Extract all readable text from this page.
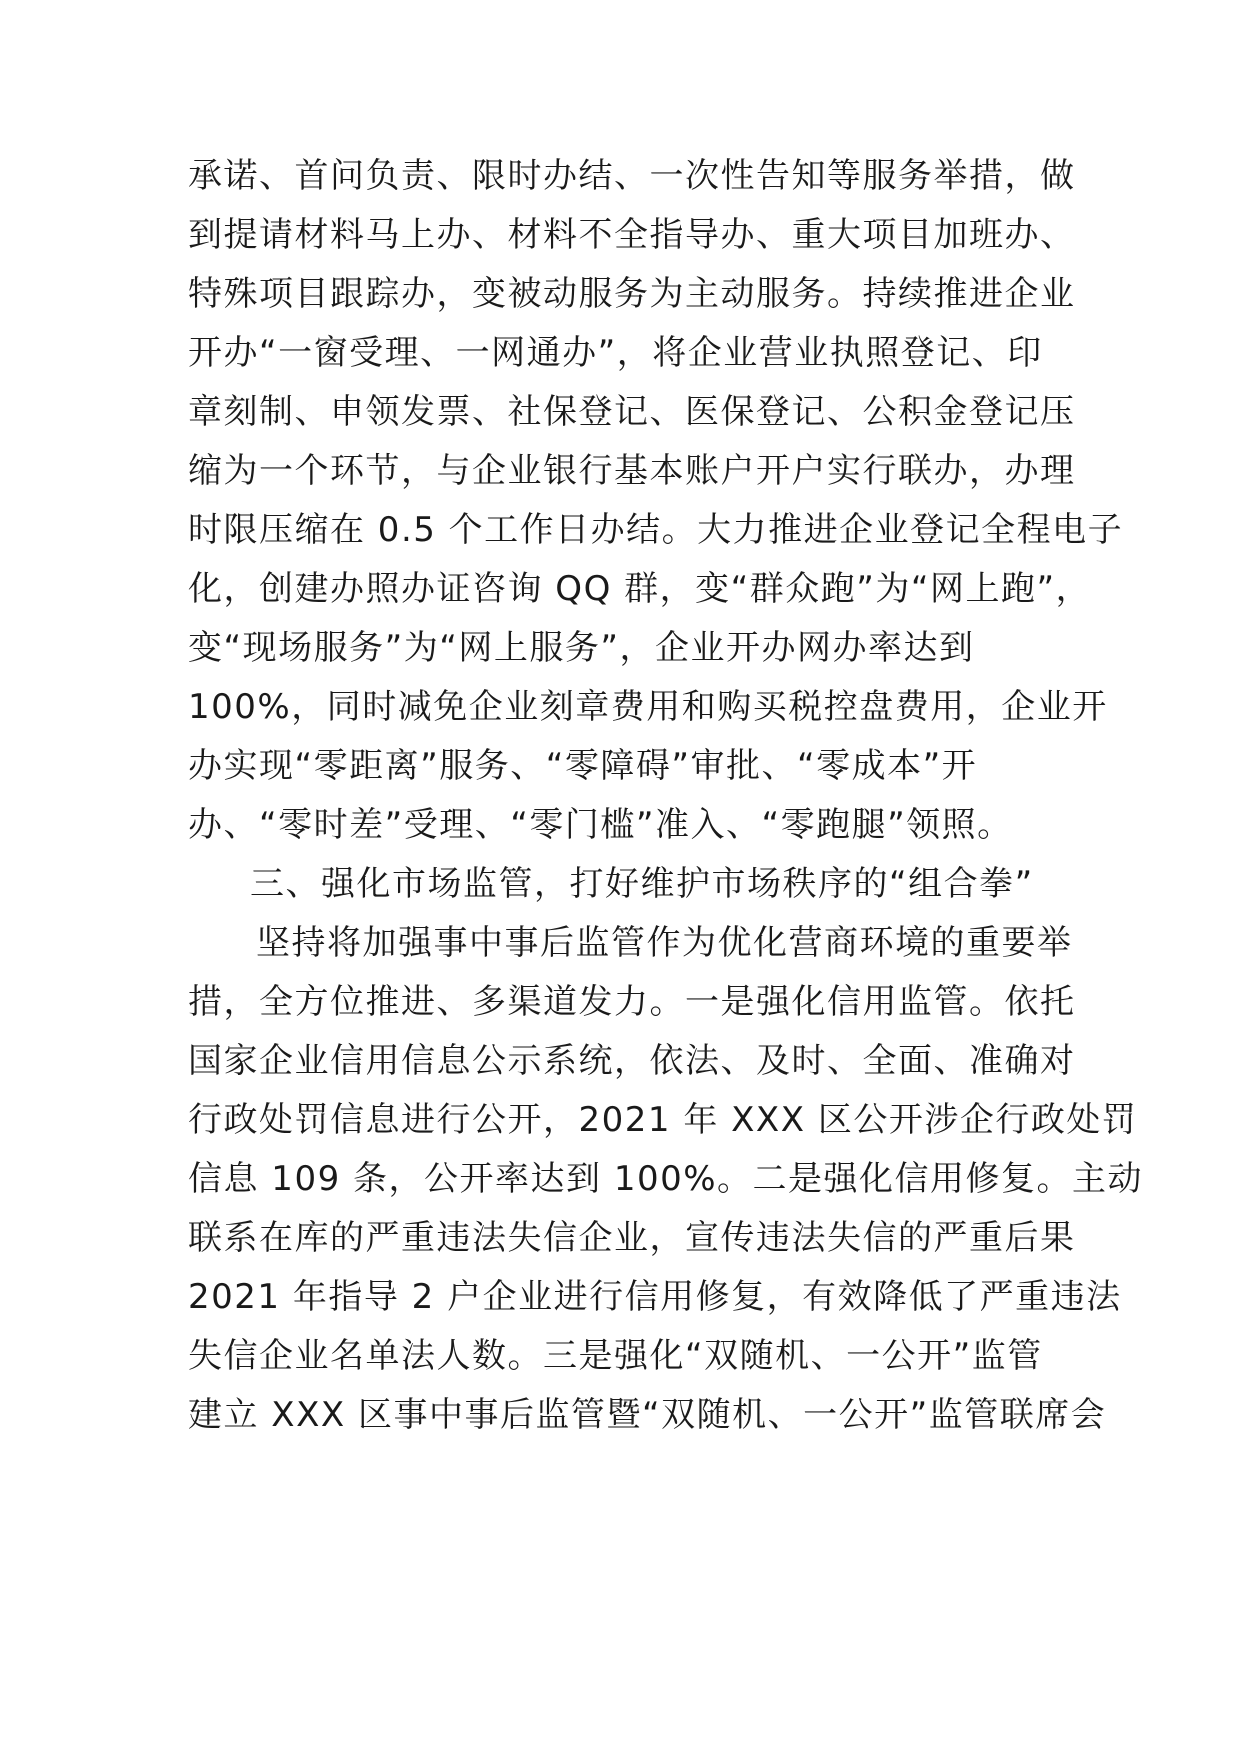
承诺、首问负责、限时办结、一次性告知等服务举措，做
到提请材料马上办、材料不全指导办、重大项目加班办、
特殊项目跟踪办，变被动服务为主动服务。持续推进企业
开办“一窗受理、一网通办”，将企业营业执照登记、印
章刻制、申领发票、社保登记、医保登记、公积金登记压
缩为一个环节，与企业银行基本账户开户实行联办，办理
时限压缩在 0.5 个工作日办结。大力推进企业登记全程电子
化，创建办照办证咨询 QQ 群，变“群众跑”为“网上跑”，
变“现场服务”为“网上服务”，企业开办网办率达到
100%，同时减免企业刻章费用和购买税控盘费用，企业开
办实现“零距离”服务、“零障碍”审批、“零成本”开
办、“零时差”受理、“零门槛”准入、“零跑腿”领照。
三、强化市场监管，打好维护市场秩序的“组合拳”
坚持将加强事中事后监管作为优化营商环境的重要举
措，全方位推进、多渠道发力。一是强化信用监管。依托
国家企业信用信息公示系统，依法、及时、全面、准确对
行政处罚信息进行公开，2021 年 XXX 区公开涉企行政处罚
信息 109 条，公开率达到 100%。二是强化信用修复。主动
联系在库的严重违法失信企业，宣传违法失信的严重后果
2021 年指导 2 户企业进行信用修复，有效降低了严重违法
失信企业名单法人数。三是强化“双随机、一公开”监管
建立 XXX 区事中事后监管暨“双随机、一公开”监管联席会
